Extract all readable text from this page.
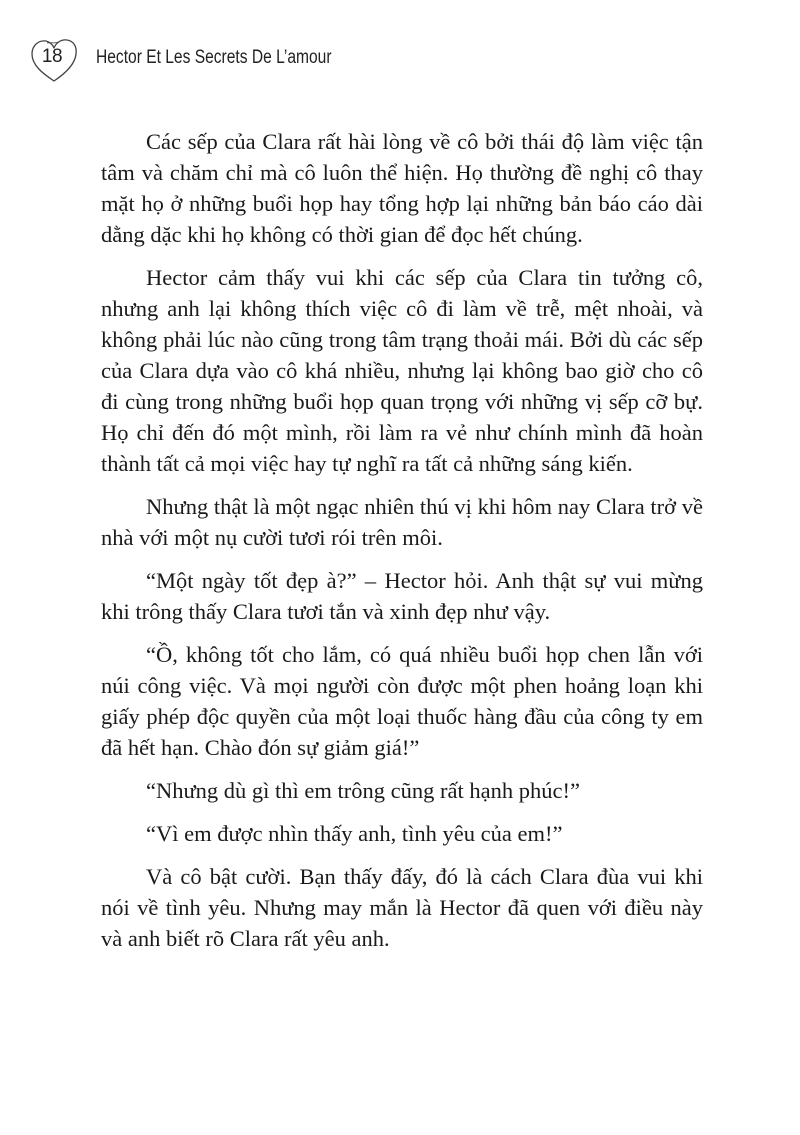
18	Hector Et Les Secrets De L’amour

Các sếp của Clara rất hài lòng về cô bởi thái độ làm việc tận tâm và chăm chỉ mà cô luôn thể hiện. Họ thường đề nghị cô thay mặt họ ở những buổi họp hay tổng hợp lại những bản báo cáo dài dằng dặc khi họ không có thời gian để đọc hết chúng.

Hector cảm thấy vui khi các sếp của Clara tin tưởng cô, nhưng anh lại không thích việc cô đi làm về trễ, mệt nhoài, và không phải lúc nào cũng trong tâm trạng thoải mái. Bởi dù các sếp của Clara dựa vào cô khá nhiều, nhưng lại không bao giờ cho cô đi cùng trong những buổi họp quan trọng với những vị sếp cỡ bự. Họ chỉ đến đó một mình, rồi làm ra vẻ như chính mình đã hoàn thành tất cả mọi việc hay tự nghĩ ra tất cả những sáng kiến.

Nhưng thật là một ngạc nhiên thú vị khi hôm nay Clara trở về nhà với một nụ cười tươi rói trên môi.

“Một ngày tốt đẹp à?” – Hector hỏi. Anh thật sự vui mừng khi trông thấy Clara tươi tắn và xinh đẹp như vậy.

“Ồ, không tốt cho lắm, có quá nhiều buổi họp chen lẫn với núi công việc. Và mọi người còn được một phen hoảng loạn khi giấy phép độc quyền của một loại thuốc hàng đầu của công ty em đã hết hạn. Chào đón sự giảm giá!”

“Nhưng dù gì thì em trông cũng rất hạnh phúc!”

“Vì em được nhìn thấy anh, tình yêu của em!”

Và cô bật cười. Bạn thấy đấy, đó là cách Clara đùa vui khi nói về tình yêu. Nhưng may mắn là Hector đã quen với điều này và anh biết rõ Clara rất yêu anh.
